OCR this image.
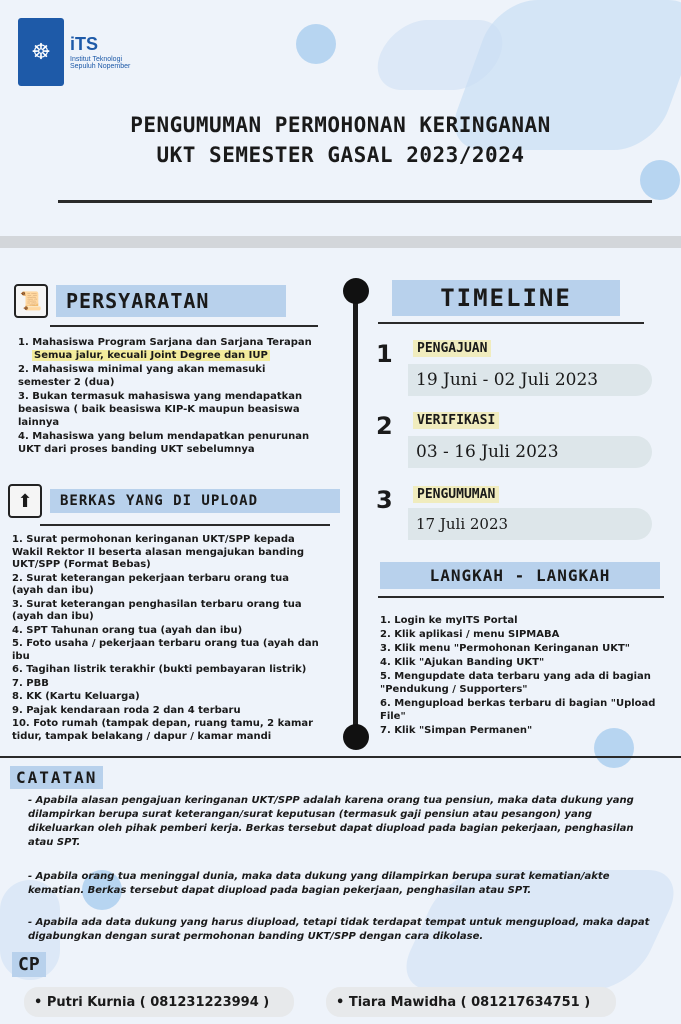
☸	iTS
Institut Teknologi Sepuluh Nopember
PENGUMUMAN PERMOHONAN KERINGANAN
UKT SEMESTER GASAL 2023/2024
📜	PERSYARATAN
1. Mahasiswa Program Sarjana dan Sarjana Terapan
Semua jalur, kecuali Joint Degree dan IUP
2. Mahasiswa minimal yang akan memasuki semester 2 (dua)
3. Bukan termasuk mahasiswa yang mendapatkan beasiswa ( baik beasiswa KIP-K maupun beasiswa lainnya
4. Mahasiswa yang belum mendapatkan penurunan UKT dari proses banding UKT sebelumnya
⬆	BERKAS YANG DI UPLOAD
1. Surat permohonan keringanan UKT/SPP kepada Wakil Rektor II beserta alasan mengajukan banding UKT/SPP (Format Bebas)
2. Surat keterangan pekerjaan terbaru orang tua (ayah dan ibu)
3. Surat keterangan penghasilan terbaru orang tua (ayah dan ibu)
4. SPT Tahunan orang tua (ayah dan ibu)
5. Foto usaha / pekerjaan terbaru orang tua (ayah dan ibu
6. Tagihan listrik terakhir (bukti pembayaran listrik)
7. PBB
8. KK (Kartu Keluarga)
9. Pajak kendaraan roda 2 dan 4 terbaru
10. Foto rumah (tampak depan, ruang tamu, 2 kamar tidur, tampak belakang / dapur / kamar mandi
TIMELINE
1	PENGAJUAN
19 Juni - 02 Juli 2023
2	VERIFIKASI
03 - 16 Juli 2023
3	PENGUMUMAN
17 Juli 2023
LANGKAH - LANGKAH
1. Login ke myITS Portal
2. Klik aplikasi / menu SIPMABA
3. Klik menu "Permohonan Keringanan UKT"
4. Klik "Ajukan Banding UKT"
5. Mengupdate data terbaru yang ada di bagian "Pendukung / Supporters"
6. Mengupload berkas terbaru di bagian "Upload File"
7. Klik "Simpan Permanen"
CATATAN
- Apabila alasan pengajuan keringanan UKT/SPP adalah karena orang tua pensiun, maka data dukung yang dilampirkan berupa surat keterangan/surat keputusan (termasuk gaji pensiun atau pesangon) yang dikeluarkan oleh pihak pemberi kerja. Berkas tersebut dapat diupload pada bagian pekerjaan, penghasilan atau SPT.
- Apabila orang tua meninggal dunia, maka data dukung yang dilampirkan berupa surat kematian/akte kematian. Berkas tersebut dapat diupload pada bagian pekerjaan, penghasilan atau SPT.
- Apabila ada data dukung yang harus diupload, tetapi tidak terdapat tempat untuk mengupload, maka dapat digabungkan dengan surat permohonan banding UKT/SPP dengan cara dikolase.
CP
• Putri Kurnia ( 081231223994 )	• Tiara Mawidha ( 081217634751 )
